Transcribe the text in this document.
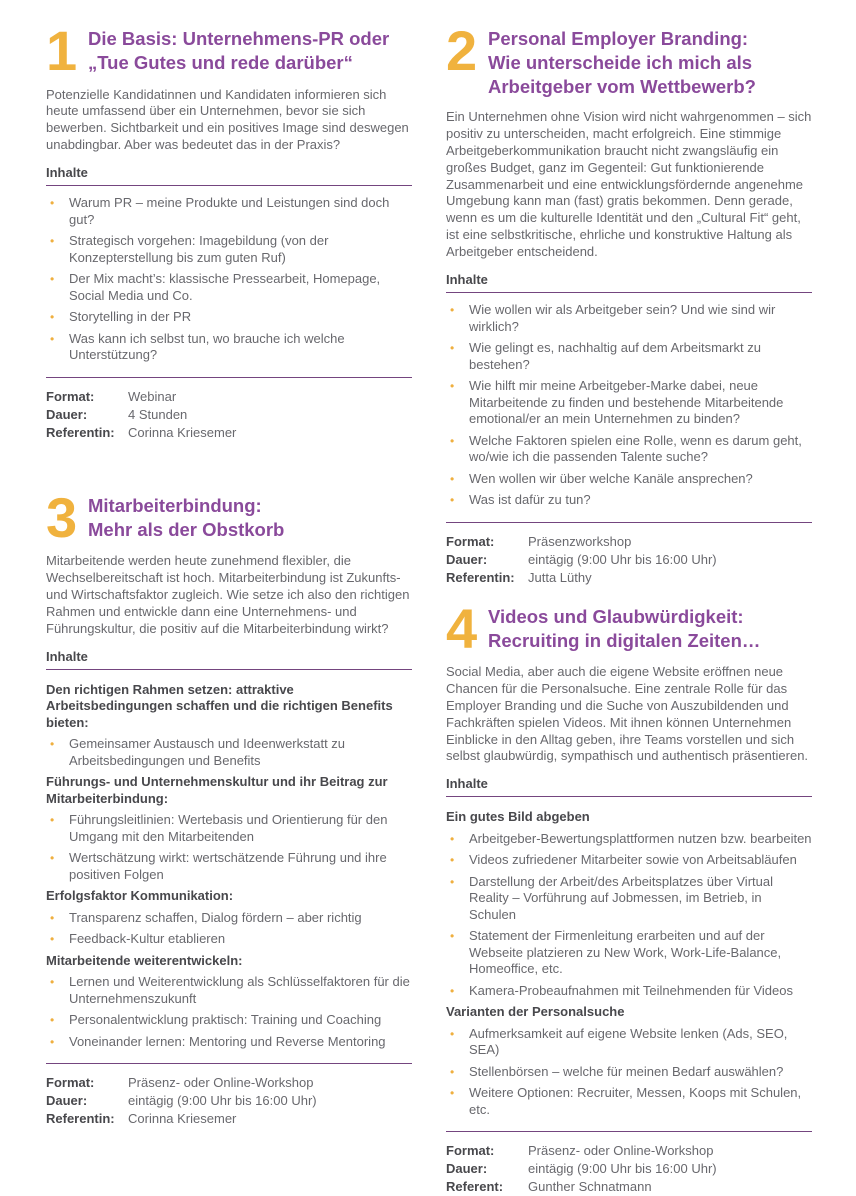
1 Die Basis: Unternehmens-PR oder
„Tue Gutes und rede darüber“

Potenzielle Kandidatinnen und Kandidaten informieren sich heute umfassend über ein Unternehmen, bevor sie sich bewerben. Sichtbarkeit und ein positives Image sind deswegen unabdingbar. Aber was bedeutet das in der Praxis?

Inhalte
•
Warum PR – meine Produkte und Leistungen sind doch gut?
•
Strategisch vorgehen: Imagebildung (von der Konzepterstellung bis zum guten Ruf)
•
Der Mix macht’s: klassische Pressearbeit, Homepage, Social Media und Co.
•
Storytelling in der PR
•
Was kann ich selbst tun, wo brauche ich welche Unterstützung?
Format:	Webinar
Dauer:	4 Stunden
Referentin:	Corinna Kriesemer
3 Mitarbeiterbindung:
Mehr als der Obstkorb

Mitarbeitende werden heute zunehmend flexibler, die Wechselbereitschaft ist hoch. Mitarbeiterbindung ist Zukunfts- und Wirtschaftsfaktor zugleich. Wie setze ich also den richtigen Rahmen und entwickle dann eine Unternehmens- und Führungskultur, die positiv auf die Mitarbeiterbindung wirkt?

Inhalte
Den richtigen Rahmen setzen: attraktive Arbeitsbedingungen schaffen und die richtigen Benefits bieten:
•
Gemeinsamer Austausch und Ideenwerkstatt zu Arbeitsbedingungen und Benefits
Führungs- und Unternehmenskultur und ihr Beitrag zur Mitarbeiterbindung:
•
Führungsleitlinien: Wertebasis und Orientierung für den Umgang mit den Mitarbeitenden
•
Wertschätzung wirkt: wertschätzende Führung und ihre positiven Folgen
Erfolgsfaktor Kommunikation:
•
Transparenz schaffen, Dialog fördern – aber richtig
•
Feedback-Kultur etablieren
Mitarbeitende weiterentwickeln:
•
Lernen und Weiterentwicklung als Schlüsselfaktoren für die Unternehmenszukunft
•
Personalentwicklung praktisch: Training und Coaching
•
Voneinander lernen: Mentoring und Reverse Mentoring
Format:	Präsenz- oder Online-Workshop
Dauer:	eintägig (9:00 Uhr bis 16:00 Uhr)
Referentin:	Corinna Kriesemer
2 Personal Employer Branding:
Wie unterscheide ich mich als
Arbeitgeber vom Wettbewerb?

Ein Unternehmen ohne Vision wird nicht wahrgenommen – sich positiv zu unterscheiden, macht erfolgreich. Eine stimmige Arbeitgeberkommunikation braucht nicht zwangsläufig ein großes Budget, ganz im Gegenteil: Gut funktionierende Zusammenarbeit und eine entwicklungsfördernde angenehme Umgebung kann man (fast) gratis bekommen. Denn gerade, wenn es um die kulturelle Identität und den „Cultural Fit“ geht, ist eine selbstkritische, ehrliche und konstruktive Haltung als Arbeitgeber entscheidend.

Inhalte
•
Wie wollen wir als Arbeitgeber sein? Und wie sind wir wirklich?
•
Wie gelingt es, nachhaltig auf dem Arbeitsmarkt zu bestehen?
•
Wie hilft mir meine Arbeitgeber-Marke dabei, neue Mitarbeitende zu finden und bestehende Mitarbeitende emotional/er an mein Unternehmen zu binden?
•
Welche Faktoren spielen eine Rolle, wenn es darum geht, wo/wie ich die passenden Talente suche?
•
Wen wollen wir über welche Kanäle ansprechen?
•
Was ist dafür zu tun?
Format:	Präsenzworkshop
Dauer:	eintägig (9:00 Uhr bis 16:00 Uhr)
Referentin:	Jutta Lüthy
4 Videos und Glaubwürdigkeit:
Recruiting in digitalen Zeiten…

Social Media, aber auch die eigene Website eröffnen neue Chancen für die Personalsuche. Eine zentrale Rolle für das Employer Branding und die Suche von Auszubildenden und Fachkräften spielen Videos. Mit ihnen können Unternehmen Einblicke in den Alltag geben, ihre Teams vorstellen und sich selbst glaubwürdig, sympathisch und authentisch präsentieren.

Inhalte
Ein gutes Bild abgeben
•
Arbeitgeber-Bewertungsplattformen nutzen bzw. bearbeiten
•
Videos zufriedener Mitarbeiter sowie von Arbeitsabläufen
•
Darstellung der Arbeit/des Arbeitsplatzes über Virtual Reality – Vorführung auf Jobmessen, im Betrieb, in Schulen
•
Statement der Firmenleitung erarbeiten und auf der Webseite platzieren zu New Work, Work-Life-Balance, Homeoffice, etc.
•
Kamera-Probeaufnahmen mit Teilnehmenden für Videos
Varianten der Personalsuche
•
Aufmerksamkeit auf eigene Website lenken (Ads, SEO, SEA)
•
Stellenbörsen – welche für meinen Bedarf auswählen?
•
Weitere Optionen: Recruiter, Messen, Koops mit Schulen, etc.
Format:	Präsenz- oder Online-Workshop
Dauer:	eintägig (9:00 Uhr bis 16:00 Uhr)
Referent:	Gunther Schnatmann
